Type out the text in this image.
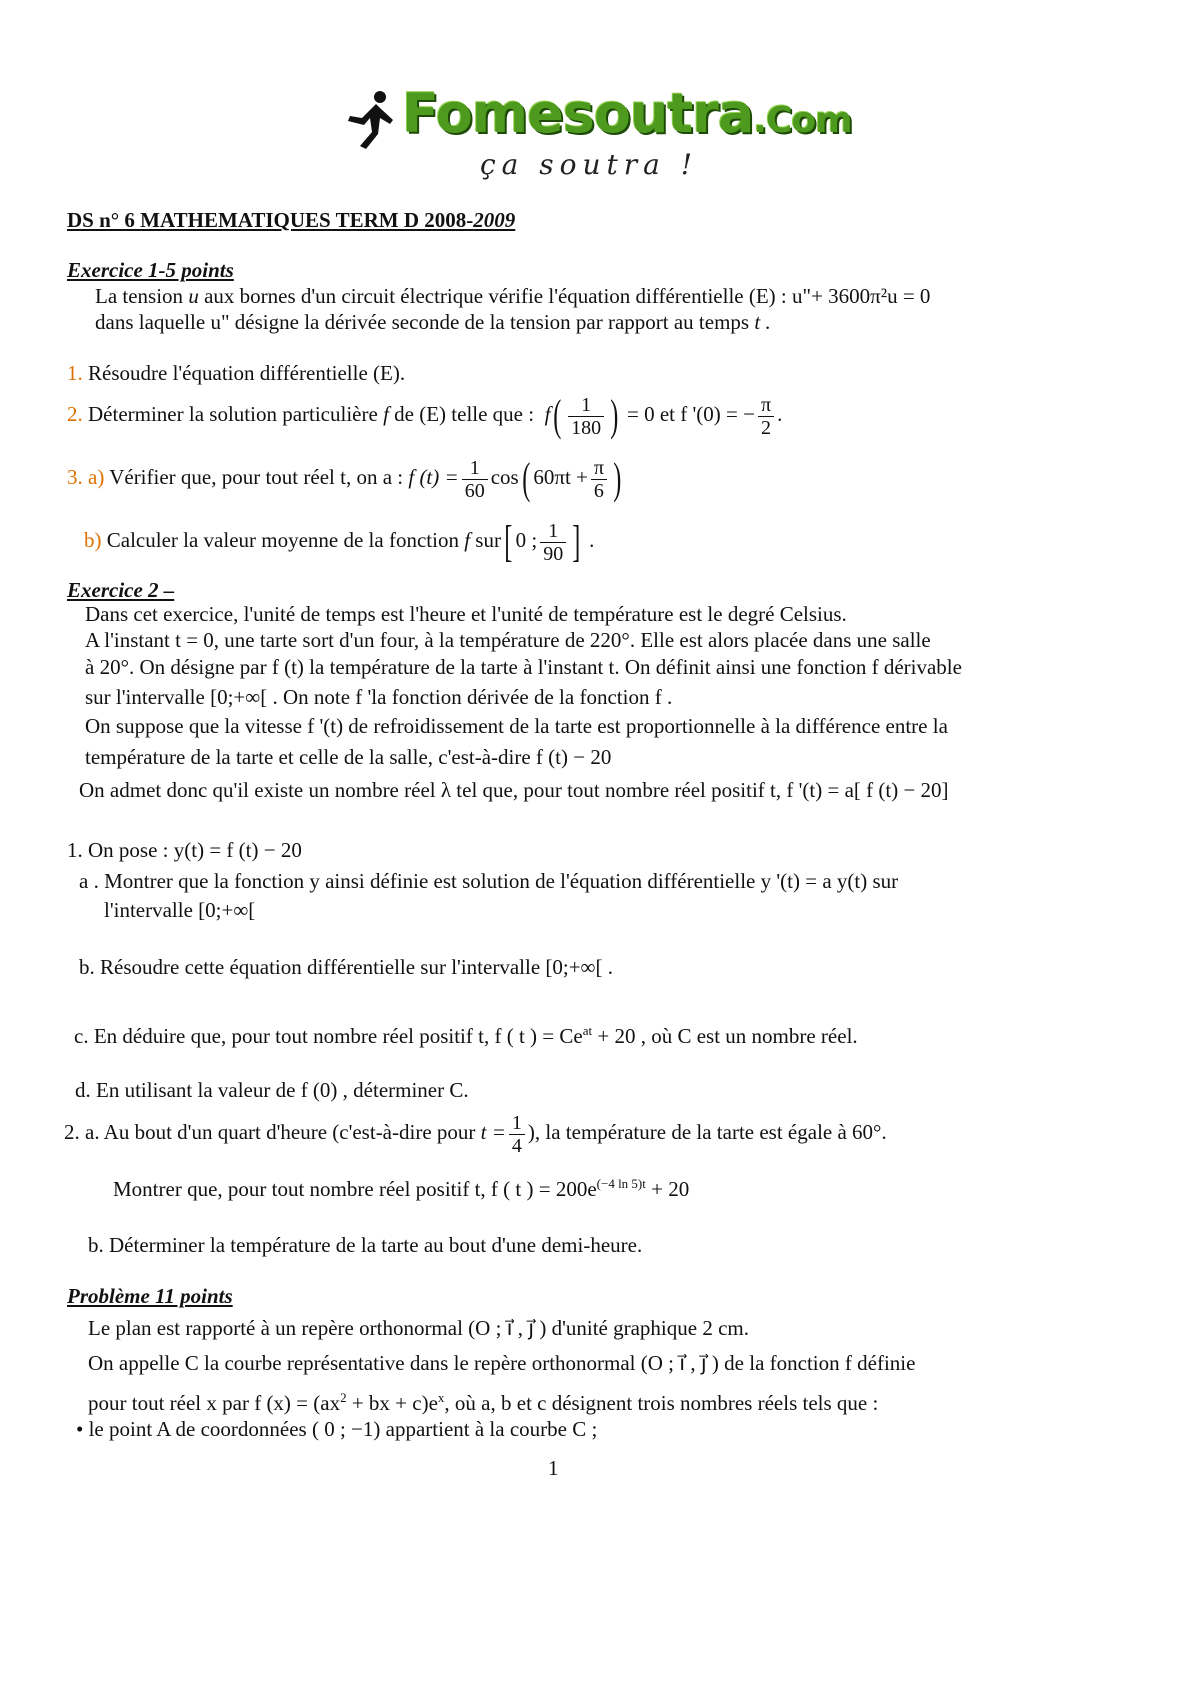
Fomesoutra.Com
ça soutra !
DS n° 6 MATHEMATIQUES TERM D 2008-2009
Exercice 1-5 points
La tension u aux bornes d'un circuit électrique vérifie l'équation différentielle (E) : u"+ 3600π²u = 0
dans laquelle u" désigne la dérivée seconde de la tension par rapport au temps t .
1. Résoudre l'équation différentielle (E).
2. Déterminer la solution particulière f de (E) telle que : $f( \frac{1}{180}$ ) = 0 et f '(0) = − $\frac{\pi}{2}$ .
3. a) Vérifier que, pour tout réel t, on a : f $(t) = \frac{1}{60} \cos$( $60\pi t + \frac{\pi}{6}$ )
b) Calculer la valeur moyenne de la fonction f sur[ 0 ; $\frac{1}{90}$ ] .
Exercice 2 –
Dans cet exercice, l'unité de temps est l'heure et l'unité de température est le degré Celsius.
A l'instant t = 0, une tarte sort d'un four, à la température de 220°. Elle est alors placée dans une salle
à 20°. On désigne par f (t) la température de la tarte à l'instant t. On définit ainsi une fonction f dérivable
sur l'intervalle [0;+∞[ . On note f 'la fonction dérivée de la fonction f .
On suppose que la vitesse f '(t) de refroidissement de la tarte est proportionnelle à la différence entre la
température de la tarte et celle de la salle, c'est-à-dire f (t) − 20
On admet donc qu'il existe un nombre réel λ tel que, pour tout nombre réel positif t, f '(t) = a[ f (t) − 20]
1. On pose : y(t) = f (t) − 20
a . Montrer que la fonction y ainsi définie est solution de l'équation différentielle y '(t) = a y(t) sur
l'intervalle [0;+∞[
b. Résoudre cette équation différentielle sur l'intervalle [0;+∞[ .
c. En déduire que, pour tout nombre réel positif t, f ( t ) = $Ce^{at} + 20$ , où C est un nombre réel.
d. En utilisant la valeur de f (0) , déterminer C.
2. a. Au bout d'un quart d'heure (c'est-à-dire pour $t = \frac{1}{4}$ ), la température de la tarte est égale à 60°.
Montrer que, pour tout nombre réel positif t, f ( t ) = $200e^{(-4 ln 5)t} + 20$
b. Déterminer la température de la tarte au bout d'une demi-heure.
Problème 11 points
Le plan est rapporté à un repère orthonormal (O ; i⃗ , j⃗ ) d'unité graphique 2 cm.
On appelle C la courbe représentative dans le repère orthonormal (O ; i⃗ , j⃗ ) de la fonction f définie
pour tout réel x par f $(x) = (ax^2$ + bx + $c)e^x$, où a, b et c désignent trois nombres réels tels que :
• le point A de coordonnées ( 0 ; −1) appartient à la courbe C ;
1
